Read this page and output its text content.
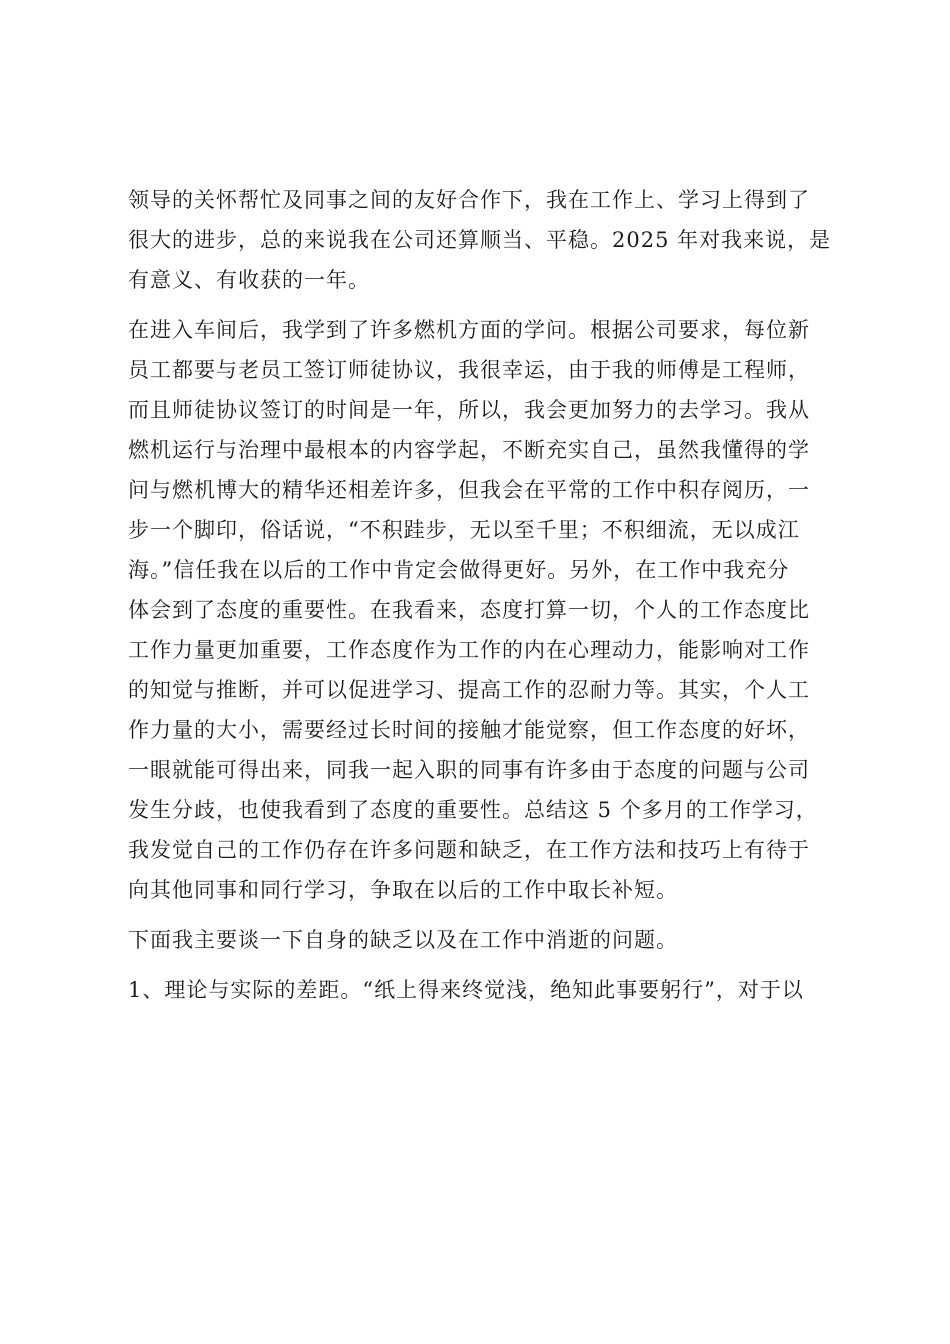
领导的关怀帮忙及同事之间的友好合作下，我在工作上、学习上得到了
很大的进步，总的来说我在公司还算顺当、平稳。2025 年对我来说，是
有意义、有收获的一年。
在进入车间后，我学到了许多燃机方面的学问。根据公司要求，每位新
员工都要与老员工签订师徒协议，我很幸运，由于我的师傅是工程师，
而且师徒协议签订的时间是一年，所以，我会更加努力的去学习。我从
燃机运行与治理中最根本的内容学起，不断充实自己，虽然我懂得的学
问与燃机博大的精华还相差许多，但我会在平常的工作中积存阅历，一
步一个脚印，俗话说，“不积跬步，无以至千里；不积细流，无以成江
海。”信任我在以后的工作中肯定会做得更好。另外，在工作中我充分
体会到了态度的重要性。在我看来，态度打算一切，个人的工作态度比
工作力量更加重要，工作态度作为工作的内在心理动力，能影响对工作
的知觉与推断，并可以促进学习、提高工作的忍耐力等。其实，个人工
作力量的大小，需要经过长时间的接触才能觉察，但工作态度的好坏，
一眼就能可得出来，同我一起入职的同事有许多由于态度的问题与公司
发生分歧，也使我看到了态度的重要性。总结这 5 个多月的工作学习，
我发觉自己的工作仍存在许多问题和缺乏，在工作方法和技巧上有待于
向其他同事和同行学习，争取在以后的工作中取长补短。
下面我主要谈一下自身的缺乏以及在工作中消逝的问题。
1、理论与实际的差距。“纸上得来终觉浅，绝知此事要躬行”，对于以
